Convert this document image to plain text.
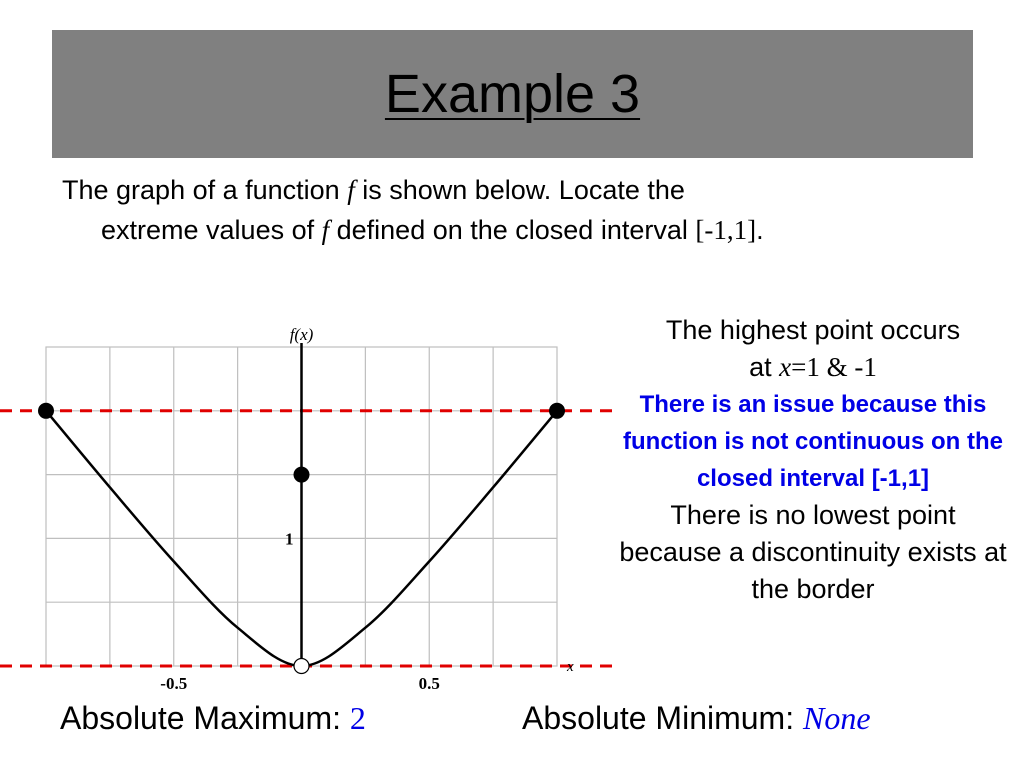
Example 3
The graph of a function f is shown below. Locate the
extreme values of f defined on the closed interval [-1,1].
f(x)
x
-0.5	0.5
1
The highest point occurs
at x=1 & -1
There is an issue because this function is not continuous on the closed interval [-1,1]
There is no lowest point because a discontinuity exists at the border
Absolute Maximum: 2	Absolute Minimum: None
